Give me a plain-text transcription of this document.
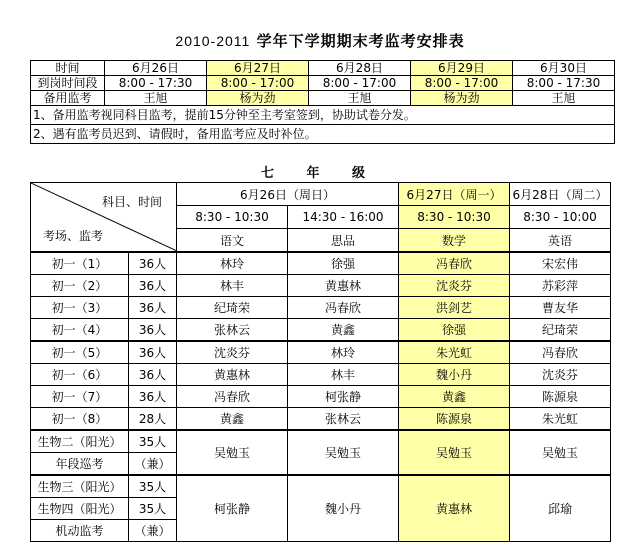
2010-2011 学年下学期期末考监考安排表
时间	6月26日	6月27日	6月28日	6月29日	6月30日
到岗时间段	8:00 - 17:30	8:00 - 17:00	8:00 - 17:00	8:00 - 17:00	8:00 - 17:30
备用监考	王旭	杨为劲	王旭	杨为劲	王旭
1、备用监考视同科目监考，提前15分钟至主考室签到，协助试卷分发。					
2、遇有监考员迟到、请假时，备用监考应及时补位。					
七 年 级
科目、时间
考场、监考		6月26日（周日）		6月27日（周一）	6月28日（周二）
		8:30 - 10:30	14:30 - 16:00	8:30 - 10:30	8:30 - 10:00
		语文	思品	数学	英语
初一（1）	36人	林玲	徐强	冯春欣	宋宏伟
初一（2）	36人	林丰	黄惠林	沈炎芬	苏彩萍
初一（3）	36人	纪琦荣	冯春欣	洪剑艺	曹友华
初一（4）	36人	张林云	黄鑫	徐强	纪琦荣
初一（5）	36人	沈炎芬	林玲	朱光虹	冯春欣
初一（6）	36人	黄惠林	林丰	魏小丹	沈炎芬
初一（7）	36人	冯春欣	柯张静	黄鑫	陈源泉
初一（8）	28人	黄鑫	张林云	陈源泉	朱光虹
生物二（阳光）	35人	吴勉玉	吴勉玉	吴勉玉	吴勉玉
年段巡考	（兼）				
生物三（阳光）	35人	柯张静	魏小丹	黄惠林	邱瑜
生物四（阳光）	35人				
机动监考	（兼）				
